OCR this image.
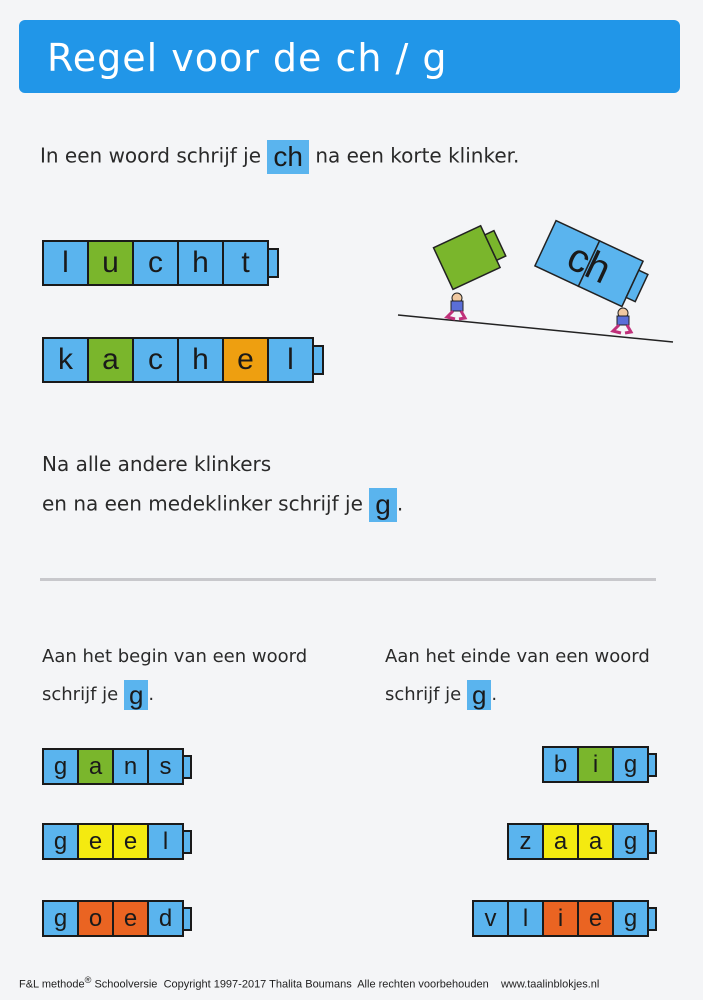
Regel voor de ch / g
In een woord schrijf je ch na een korte klinker.
l	u c h	t
k a c h e	l
ch
Na alle andere klinkers
en na een medeklinker schrijf je g .
Aan het begin van een woord
schrijf je g .
Aan het einde van een woord
schrijf je g .
g a n s
g e e	l
g o e d
b	i	g
z a a g
v	l	i	e g
F&L methode® Schoolversie Copyright 1997-2017 Thalita Boumans Alle rechten voorbehouden www.taalinblokjes.nl
